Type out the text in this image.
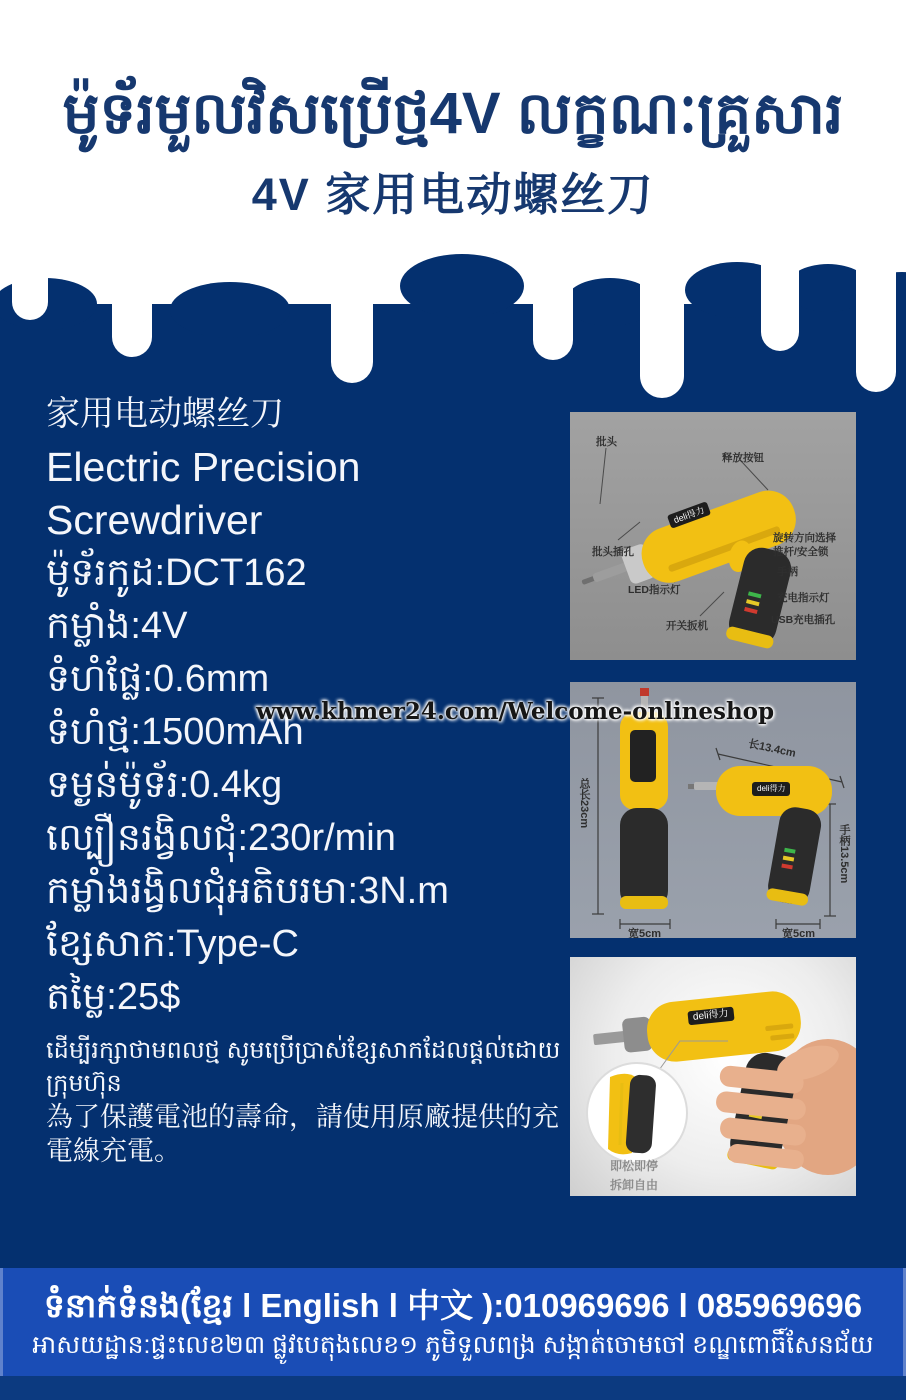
ម៉ូទ័រមួលវិសប្រើថ្ម4V លក្ខណៈគ្រួសារ
4V 家用电动螺丝刀
家用电动螺丝刀
Electric Precision Screwdriver
ម៉ូទ័រកូដ:DCT162
កម្លាំង:4V
ទំហំផ្លែ:0.6mm
ទំហំថ្ម:1500mAh
ទម្ងន់ម៉ូទ័រ:0.4kg
ល្បឿនរង្វិលជុំ:230r/min
កម្លាំងរង្វិលជុំអតិបរមា:3N.m
ខ្សែសាក:Type-C
តម្លៃ:25$
ដើម្បីរក្សាថាមពលថ្ម សូមប្រើប្រាស់ខ្សែសាកដែលផ្តល់ដោយក្រុមហ៊ុន
為了保護電池的壽命，請使用原廠提供的充電線充電。
www.khmer24.com/Welcome-onlineshop
deli得力
批头
释放按钮
批头插孔
LED指示灯
开关扳机
旋转方向选择
推杆/安全锁
手柄
充电指示灯
USB充电插孔
deli得力
总长23cm
长13.4cm
手柄13.5cm
宽5cm	宽5cm
deli得力
即松即停
拆卸自由
ទំនាក់ទំនង(ខ្មែរ l English l 中文 ):010969696 l 085969696
អាសយដ្ឋាន:ផ្ទះលេខ២៣ ផ្លូវបេតុងលេខ១ ភូមិទួលពង្រ សង្កាត់ចោមចៅ ខណ្ឌពោធិ៍សែនជ័យ
